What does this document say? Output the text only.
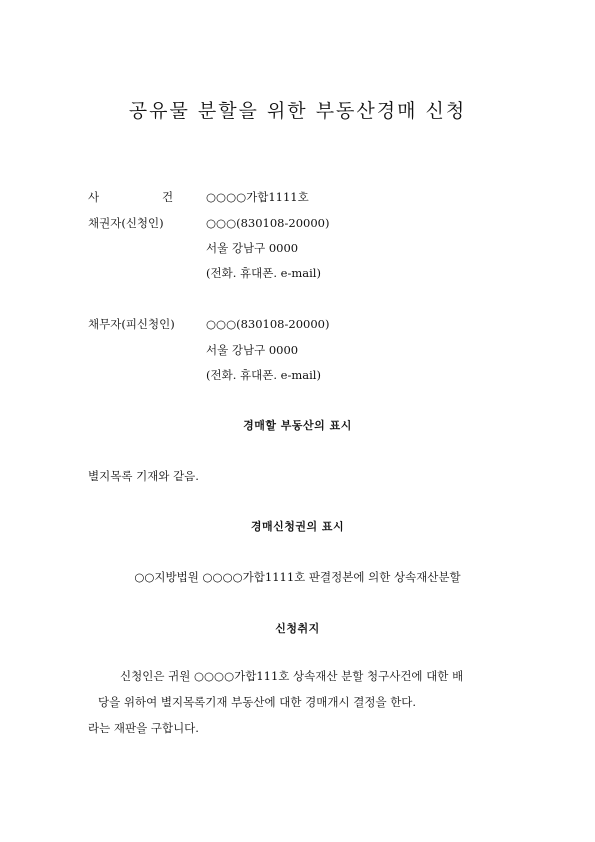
공유물 분할을 위한 부동산경매 신청
사	건	○○○○가합1111호
채권자(신청인)	○○○(830108-20000)
서울 강남구 0000
(전화. 휴대폰. e-mail)
채무자(피신청인)	○○○(830108-20000)
서울 강남구 0000
(전화. 휴대폰. e-mail)
경매할 부동산의 표시
별지목록 기재와 같음.
경매신청권의 표시
○○지방법원 ○○○○가합1111호 판결정본에 의한 상속재산분할
신청취지
신청인은 귀원 ○○○○가합111호 상속재산 분할 청구사건에 대한 배
당을 위하여 별지목록기재 부동산에 대한 경매개시 결정을 한다.
라는 재판을 구합니다.
